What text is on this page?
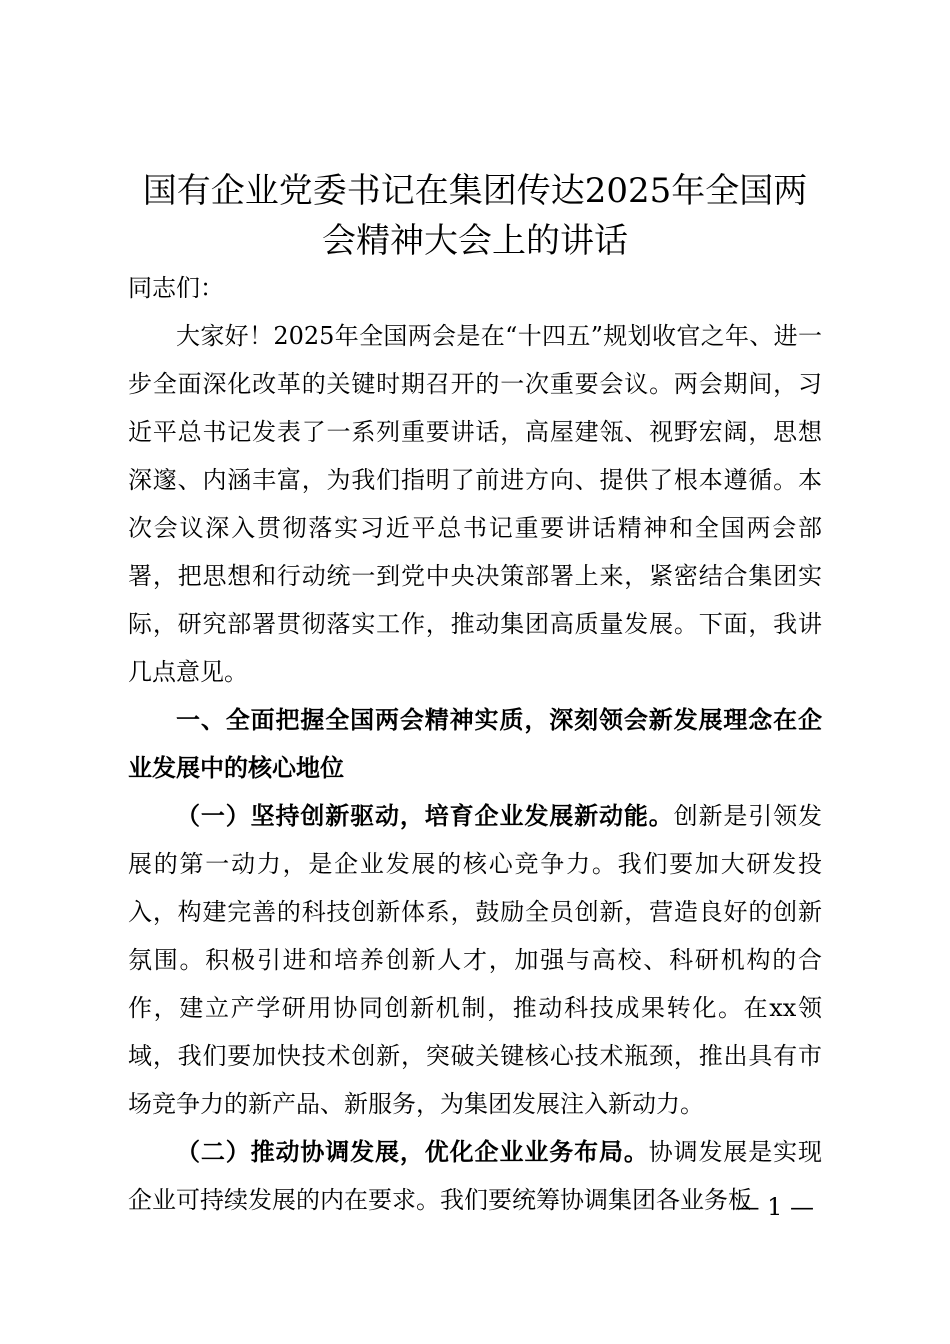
国有企业党委书记在集团传达2025年全国两会精神大会上的讲话

同志们：

大家好！2025年全国两会是在“十四五”规划收官之年、进一步全面深化改革的关键时期召开的一次重要会议。两会期间，习近平总书记发表了一系列重要讲话，高屋建瓴、视野宏阔，思想深邃、内涵丰富，为我们指明了前进方向、提供了根本遵循。本次会议深入贯彻落实习近平总书记重要讲话精神和全国两会部署，把思想和行动统一到党中央决策部署上来，紧密结合集团实际，研究部署贯彻落实工作，推动集团高质量发展。下面，我讲几点意见。

一、全面把握全国两会精神实质，深刻领会新发展理念在企业发展中的核心地位

（一）坚持创新驱动，培育企业发展新动能。创新是引领发展的第一动力，是企业发展的核心竞争力。我们要加大研发投入，构建完善的科技创新体系，鼓励全员创新，营造良好的创新氛围。积极引进和培养创新人才，加强与高校、科研机构的合作，建立产学研用协同创新机制，推动科技成果转化。在xx领域，我们要加快技术创新，突破关键核心技术瓶颈，推出具有市场竞争力的新产品、新服务，为集团发展注入新动力。

（二）推动协调发展，优化企业业务布局。协调发展是实现企业可持续发展的内在要求。我们要统筹协调集团各业务板

— 1 —
